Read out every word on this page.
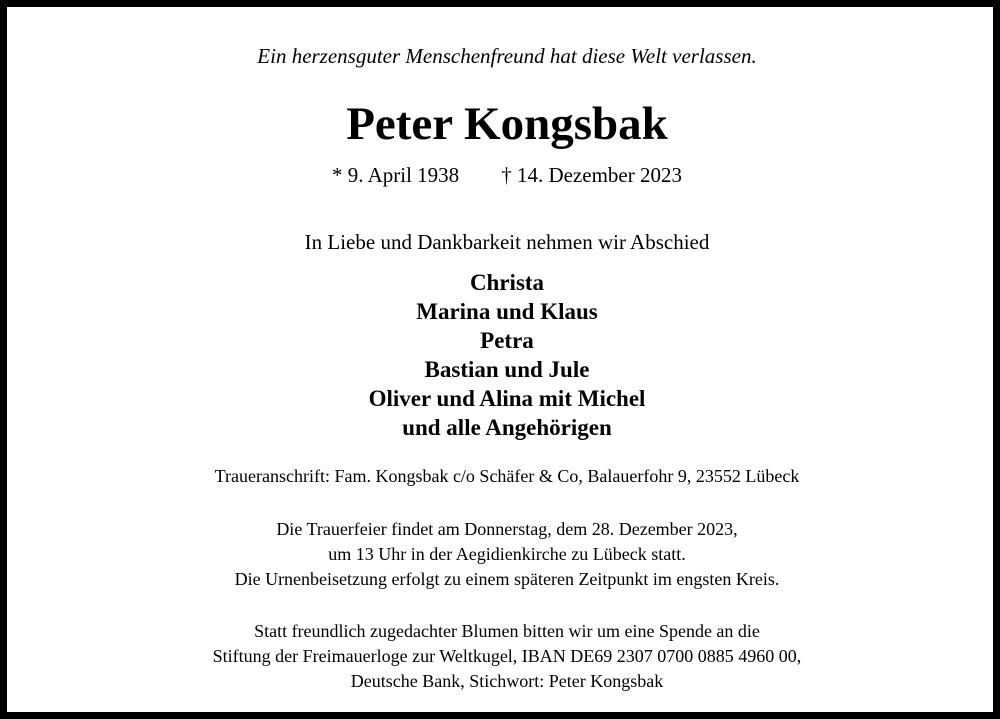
Ein herzensguter Menschenfreund hat diese Welt verlassen.
Peter Kongsbak
* 9. April 1938 † 14. Dezember 2023
In Liebe und Dankbarkeit nehmen wir Abschied
Christa
Marina und Klaus
Petra
Bastian und Jule
Oliver und Alina mit Michel
und alle Angehörigen
Traueranschrift: Fam. Kongsbak c/o Schäfer & Co, Balauerfohr 9, 23552 Lübeck
Die Trauerfeier findet am Donnerstag, dem 28. Dezember 2023,
um 13 Uhr in der Aegidienkirche zu Lübeck statt.
Die Urnenbeisetzung erfolgt zu einem späteren Zeitpunkt im engsten Kreis.
Statt freundlich zugedachter Blumen bitten wir um eine Spende an die
Stiftung der Freimauerloge zur Weltkugel, IBAN DE69 2307 0700 0885 4960 00,
Deutsche Bank, Stichwort: Peter Kongsbak
